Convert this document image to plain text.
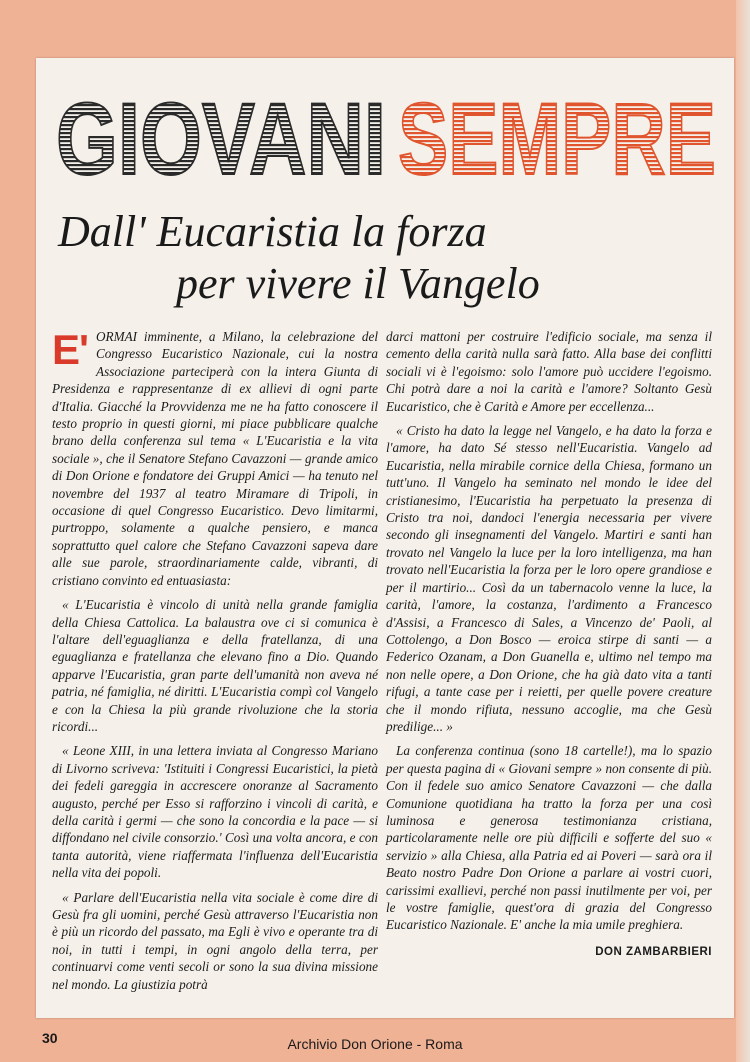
GIOVANI SEMPRE
Dall' Eucaristia la forza
per vivere il Vangelo

E' ORMAI imminente, a Milano, la celebrazione del Congresso Eucaristico Nazionale, cui la nostra Associazione parteciperà con la intera Giunta di Presidenza e rappresentanze di ex allievi di ogni parte d'Italia. Giacché la Provvidenza me ne ha fatto conoscere il testo proprio in questi giorni, mi piace pubblicare qualche brano della conferenza sul tema « L'Eucaristia e la vita sociale », che il Senatore Stefano Cavazzoni — grande amico di Don Orione e fondatore dei Gruppi Amici — ha tenuto nel novembre del 1937 al teatro Miramare di Tripoli, in occasione di quel Congresso Eucaristico. Devo limitarmi, purtroppo, solamente a qualche pensiero, e manca soprattutto quel calore che Stefano Cavazzoni sapeva dare alle sue parole, straordinariamente calde, vibranti, di cristiano convinto ed entuasiasta:

« L'Eucaristia è vincolo di unità nella grande famiglia della Chiesa Cattolica. La balaustra ove ci si comunica è l'altare dell'eguaglianza e della fratellanza, di una eguaglianza e fratellanza che elevano fino a Dio. Quando apparve l'Eucaristia, gran parte dell'umanità non aveva né patria, né famiglia, né diritti. L'Eucaristia compì col Vangelo e con la Chiesa la più grande rivoluzione che la storia ricordi...

« Leone XIII, in una lettera inviata al Congresso Mariano di Livorno scriveva: 'Istituiti i Congressi Eucaristici, la pietà dei fedeli gareggia in accrescere onoranze al Sacramento augusto, perché per Esso si rafforzino i vincoli di carità, e della carità i germi — che sono la concordia e la pace — si diffondano nel civile consorzio.' Così una volta ancora, e con tanta autorità, viene riaffermata l'influenza dell'Eucaristia nella vita dei popoli.

« Parlare dell'Eucaristia nella vita sociale è come dire di Gesù fra gli uomini, perché Gesù attraverso l'Eucaristia non è più un ricordo del passato, ma Egli è vivo e operante tra di noi, in tutti i tempi, in ogni angolo della terra, per continuarvi come venti secoli or sono la sua divina missione nel mondo. La giustizia potrà

darci mattoni per costruire l'edificio sociale, ma senza il cemento della carità nulla sarà fatto. Alla base dei conflitti sociali vi è l'egoismo: solo l'amore può uccidere l'egoismo. Chi potrà dare a noi la carità e l'amore? Soltanto Gesù Eucaristico, che è Carità e Amore per eccellenza...

« Cristo ha dato la legge nel Vangelo, e ha dato la forza e l'amore, ha dato Sé stesso nell'Eucaristia. Vangelo ad Eucaristia, nella mirabile cornice della Chiesa, formano un tutt'uno. Il Vangelo ha seminato nel mondo le idee del cristianesimo, l'Eucaristia ha perpetuato la presenza di Cristo tra noi, dandoci l'energia necessaria per vivere secondo gli insegnamenti del Vangelo. Martiri e santi han trovato nel Vangelo la luce per la loro intelligenza, ma han trovato nell'Eucaristia la forza per le loro opere grandiose e per il martirio... Così da un tabernacolo venne la luce, la carità, l'amore, la costanza, l'ardimento a Francesco d'Assisi, a Francesco di Sales, a Vincenzo de' Paoli, al Cottolengo, a Don Bosco — eroica stirpe di santi — a Federico Ozanam, a Don Guanella e, ultimo nel tempo ma non nelle opere, a Don Orione, che ha già dato vita a tanti rifugi, a tante case per i reietti, per quelle povere creature che il mondo rifiuta, nessuno accoglie, ma che Gesù predilige... »

La conferenza continua (sono 18 cartelle!), ma lo spazio per questa pagina di « Giovani sempre » non consente di più. Con il fedele suo amico Senatore Cavazzoni — che dalla Comunione quotidiana ha tratto la forza per una così luminosa e generosa testimonianza cristiana, particolaramente nelle ore più difficili e sofferte del suo « servizio » alla Chiesa, alla Patria ed ai Poveri — sarà ora il Beato nostro Padre Don Orione a parlare ai vostri cuori, carissimi exallievi, perché non passi inutilmente per voi, per le vostre famiglie, quest'ora di grazia del Congresso Eucaristico Nazionale. E' anche la mia umile preghiera.

DON ZAMBARBIERI
30	Archivio Don Orione - Roma
